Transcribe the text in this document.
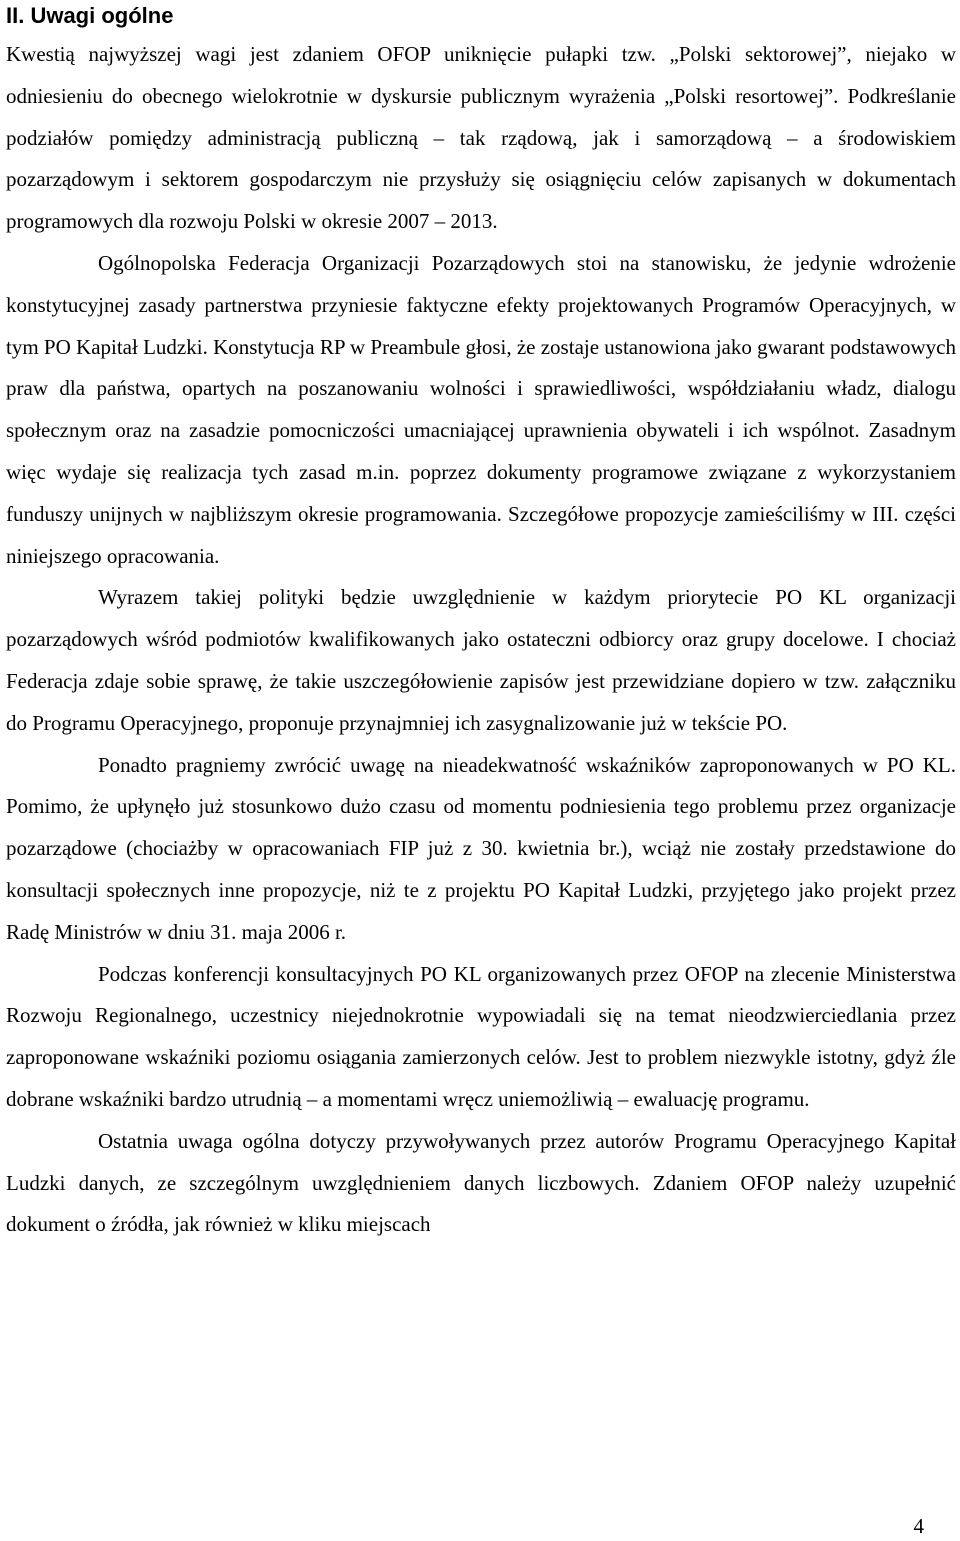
II. Uwagi ogólne

Kwestią najwyższej wagi jest zdaniem OFOP uniknięcie pułapki tzw. „Polski sektorowej”, niejako w odniesieniu do obecnego wielokrotnie w dyskursie publicznym wyrażenia „Polski resortowej”. Podkreślanie podziałów pomiędzy administracją publiczną – tak rządową, jak i samorządową – a środowiskiem pozarządowym i sektorem gospodarczym nie przysłuży się osiągnięciu celów zapisanych w dokumentach programowych dla rozwoju Polski w okresie 2007 – 2013.

Ogólnopolska Federacja Organizacji Pozarządowych stoi na stanowisku, że jedynie wdrożenie konstytucyjnej zasady partnerstwa przyniesie faktyczne efekty projektowanych Programów Operacyjnych, w tym PO Kapitał Ludzki. Konstytucja RP w Preambule głosi, że zostaje ustanowiona jako gwarant podstawowych praw dla państwa, opartych na poszanowaniu wolności i sprawiedliwości, współdziałaniu władz, dialogu społecznym oraz na zasadzie pomocniczości umacniającej uprawnienia obywateli i ich wspólnot. Zasadnym więc wydaje się realizacja tych zasad m.in. poprzez dokumenty programowe związane z wykorzystaniem funduszy unijnych w najbliższym okresie programowania. Szczegółowe propozycje zamieściliśmy w III. części niniejszego opracowania.

Wyrazem takiej polityki będzie uwzględnienie w każdym priorytecie PO KL organizacji pozarządowych wśród podmiotów kwalifikowanych jako ostateczni odbiorcy oraz grupy docelowe. I chociaż Federacja zdaje sobie sprawę, że takie uszczegółowienie zapisów jest przewidziane dopiero w tzw. załączniku do Programu Operacyjnego, proponuje przynajmniej ich zasygnalizowanie już w tekście PO.

Ponadto pragniemy zwrócić uwagę na nieadekwatność wskaźników zaproponowanych w PO KL. Pomimo, że upłynęło już stosunkowo dużo czasu od momentu podniesienia tego problemu przez organizacje pozarządowe (chociażby w opracowaniach FIP już z 30. kwietnia br.), wciąż nie zostały przedstawione do konsultacji społecznych inne propozycje, niż te z projektu PO Kapitał Ludzki, przyjętego jako projekt przez Radę Ministrów w dniu 31. maja 2006 r.

Podczas konferencji konsultacyjnych PO KL organizowanych przez OFOP na zlecenie Ministerstwa Rozwoju Regionalnego, uczestnicy niejednokrotnie wypowiadali się na temat nieodzwierciedlania przez zaproponowane wskaźniki poziomu osiągania zamierzonych celów. Jest to problem niezwykle istotny, gdyż źle dobrane wskaźniki bardzo utrudnią – a momentami wręcz uniemożliwią – ewaluację programu.

Ostatnia uwaga ogólna dotyczy przywoływanych przez autorów Programu Operacyjnego Kapitał Ludzki danych, ze szczególnym uwzględnieniem danych liczbowych. Zdaniem OFOP należy uzupełnić dokument o źródła, jak również w kliku miejscach

4
